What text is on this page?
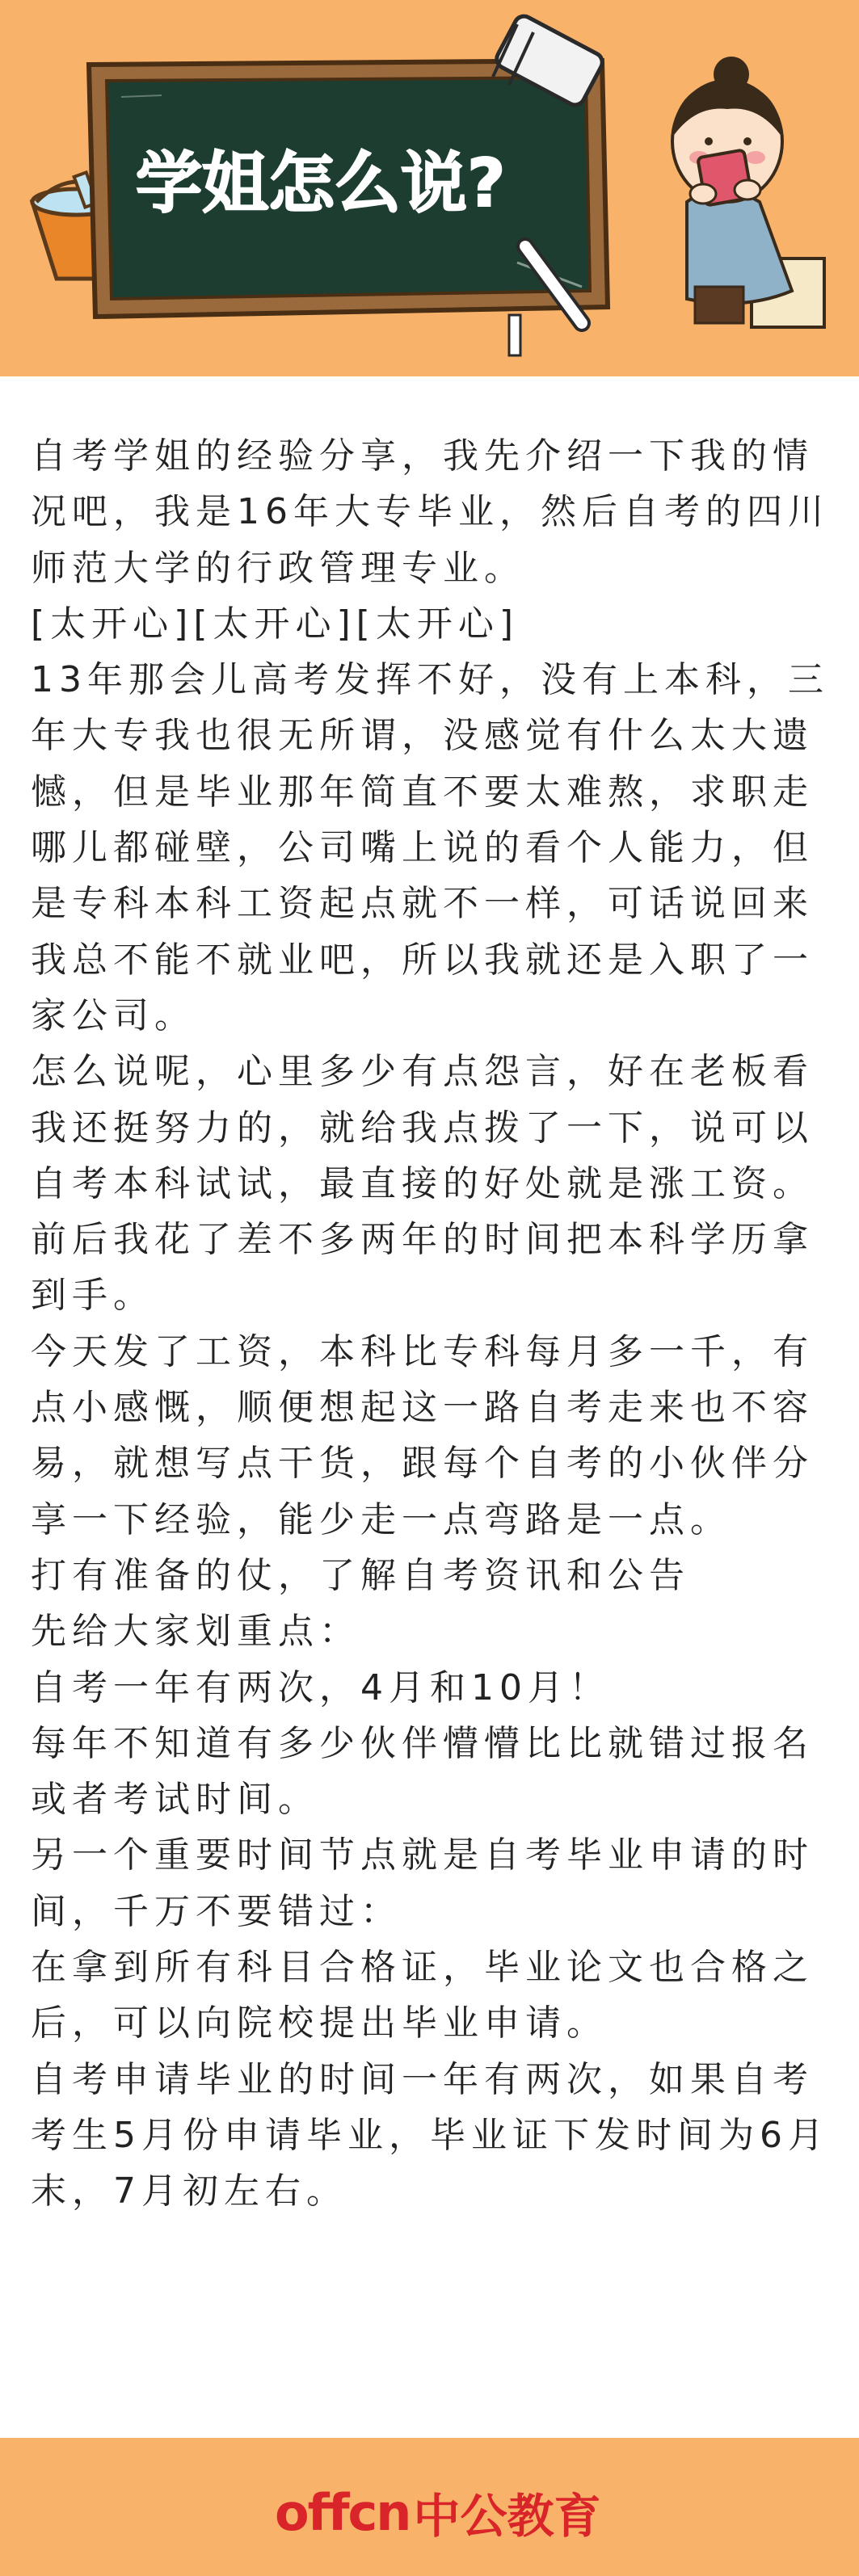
学姐怎么说?

自考学姐的经验分享，我先介绍一下我的情况吧，我是16年大专毕业，然后自考的四川师范大学的行政管理专业。

[太开心][太开心][太开心]

13年那会儿高考发挥不好，没有上本科，三年大专我也很无所谓，没感觉有什么太大遗憾，但是毕业那年简直不要太难熬，求职走哪儿都碰壁，公司嘴上说的看个人能力，但是专科本科工资起点就不一样，可话说回来我总不能不就业吧，所以我就还是入职了一家公司。

怎么说呢，心里多少有点怨言，好在老板看我还挺努力的，就给我点拨了一下，说可以自考本科试试，最直接的好处就是涨工资。

前后我花了差不多两年的时间把本科学历拿到手。

今天发了工资，本科比专科每月多一千，有点小感慨，顺便想起这一路自考走来也不容易，就想写点干货，跟每个自考的小伙伴分享一下经验，能少走一点弯路是一点。

打有准备的仗，了解自考资讯和公告

先给大家划重点：

自考一年有两次，4月和10月！

每年不知道有多少伙伴懵懵比比就错过报名或者考试时间。

另一个重要时间节点就是自考毕业申请的时间，千万不要错过：

在拿到所有科目合格证，毕业论文也合格之后，可以向院校提出毕业申请。

自考申请毕业的时间一年有两次，如果自考考生5月份申请毕业，毕业证下发时间为6月末，7月初左右。

offcn 中公教育
